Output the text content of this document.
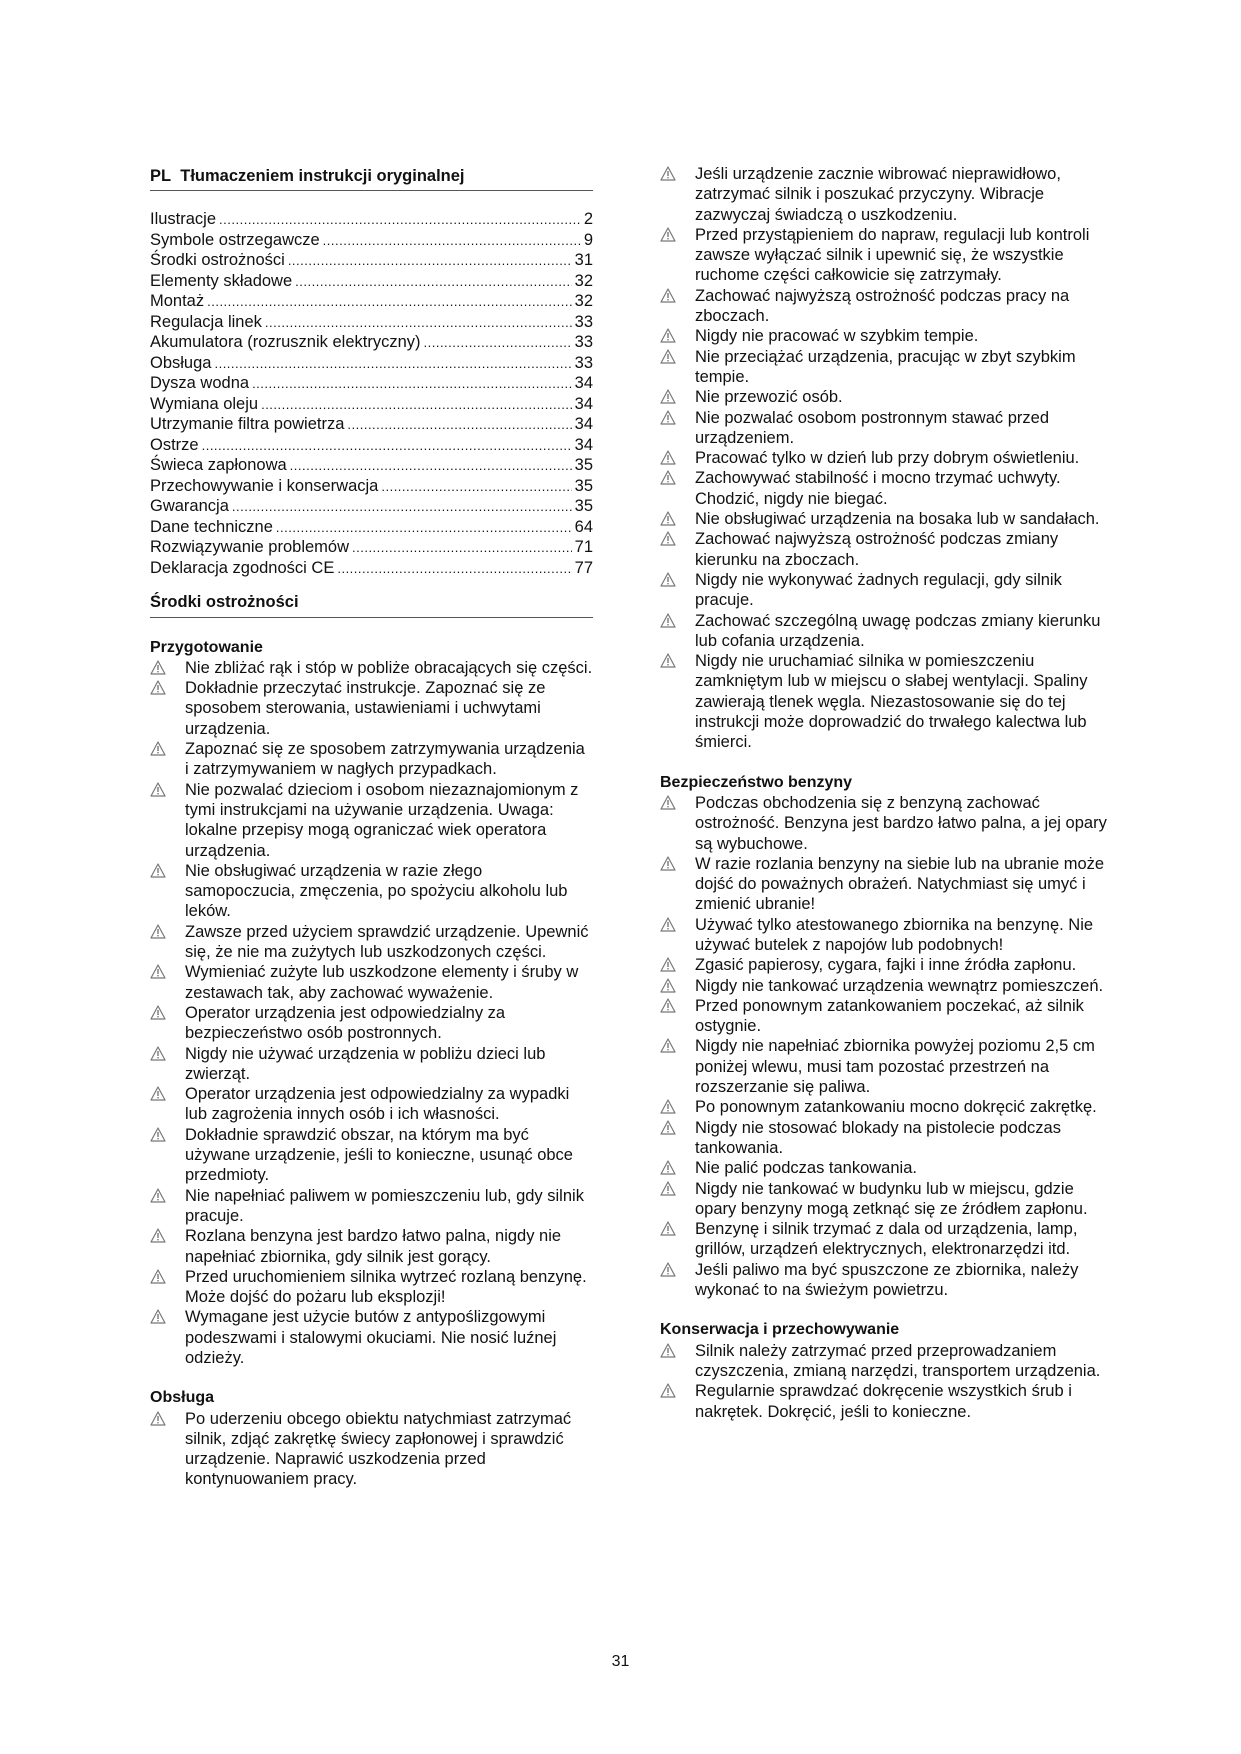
PL Tłumaczeniem instrukcji oryginalnej
Ilustracje .....	2
Symbole ostrzegawcze .....	9
Środki ostrożności .....	31
Elementy składowe .....	32
Montaż .....	32
Regulacja linek .....	33
Akumulatora (rozrusznik elektryczny) .....	33
Obsługa .....	33
Dysza wodna .....	34
Wymiana oleju .....	34
Utrzymanie filtra powietrza .....	34
Ostrze .....	34
Świeca zapłonowa .....	35
Przechowywanie i konserwacja .....	35
Gwarancja .....	35
Dane techniczne .....	64
Rozwiązywanie problemów .....	71
Deklaracja zgodności CE .....	77
Środki ostrożności
Przygotowanie
Nie zbliżać rąk i stóp w pobliże obracających się części.
Dokładnie przeczytać instrukcje. Zapoznać się ze sposobem sterowania, ustawieniami i uchwytami urządzenia.
Zapoznać się ze sposobem zatrzymywania urządzenia i zatrzymywaniem w nagłych przypadkach.
Nie pozwalać dzieciom i osobom niezaznajomionym z tymi instrukcjami na używanie urządzenia. Uwaga: lokalne przepisy mogą ograniczać wiek operatora urządzenia.
Nie obsługiwać urządzenia w razie złego samopoczucia, zmęczenia, po spożyciu alkoholu lub leków.
Zawsze przed użyciem sprawdzić urządzenie. Upewnić się, że nie ma zużytych lub uszkodzonych części.
Wymieniać zużyte lub uszkodzone elementy i śruby w zestawach tak, aby zachować wyważenie.
Operator urządzenia jest odpowiedzialny za bezpieczeństwo osób postronnych.
Nigdy nie używać urządzenia w pobliżu dzieci lub zwierząt.
Operator urządzenia jest odpowiedzialny za wypadki lub zagrożenia innych osób i ich własności.
Dokładnie sprawdzić obszar, na którym ma być używane urządzenie, jeśli to konieczne, usunąć obce przedmioty.
Nie napełniać paliwem w pomieszczeniu lub, gdy silnik pracuje.
Rozlana benzyna jest bardzo łatwo palna, nigdy nie napełniać zbiornika, gdy silnik jest gorący.
Przed uruchomieniem silnika wytrzeć rozlaną benzynę. Może dojść do pożaru lub eksplozji!
Wymagane jest użycie butów z antypoślizgowymi podeszwami i stalowymi okuciami. Nie nosić luźnej odzieży.
Obsługa
Po uderzeniu obcego obiektu natychmiast zatrzymać silnik, zdjąć zakrętkę świecy zapłonowej i sprawdzić urządzenie. Naprawić uszkodzenia przed kontynuowaniem pracy.
Jeśli urządzenie zacznie wibrować nieprawidłowo, zatrzymać silnik i poszukać przyczyny. Wibracje zazwyczaj świadczą o uszkodzeniu.
Przed przystąpieniem do napraw, regulacji lub kontroli zawsze wyłączać silnik i upewnić się, że wszystkie ruchome części całkowicie się zatrzymały.
Zachować najwyższą ostrożność podczas pracy na zboczach.
Nigdy nie pracować w szybkim tempie.
Nie przeciążać urządzenia, pracując w zbyt szybkim tempie.
Nie przewozić osób.
Nie pozwalać osobom postronnym stawać przed urządzeniem.
Pracować tylko w dzień lub przy dobrym oświetleniu.
Zachowywać stabilność i mocno trzymać uchwyty. Chodzić, nigdy nie biegać.
Nie obsługiwać urządzenia na bosaka lub w sandałach.
Zachować najwyższą ostrożność podczas zmiany kierunku na zboczach.
Nigdy nie wykonywać żadnych regulacji, gdy silnik pracuje.
Zachować szczególną uwagę podczas zmiany kierunku lub cofania urządzenia.
Nigdy nie uruchamiać silnika w pomieszczeniu zamkniętym lub w miejscu o słabej wentylacji. Spaliny zawierają tlenek węgla. Niezastosowanie się do tej instrukcji może doprowadzić do trwałego kalectwa lub śmierci.
Bezpieczeństwo benzyny
Podczas obchodzenia się z benzyną zachować ostrożność. Benzyna jest bardzo łatwo palna, a jej opary są wybuchowe.
W razie rozlania benzyny na siebie lub na ubranie może dojść do poważnych obrażeń. Natychmiast się umyć i zmienić ubranie!
Używać tylko atestowanego zbiornika na benzynę. Nie używać butelek z napojów lub podobnych!
Zgasić papierosy, cygara, fajki i inne źródła zapłonu.
Nigdy nie tankować urządzenia wewnątrz pomieszczeń.
Przed ponownym zatankowaniem poczekać, aż silnik ostygnie.
Nigdy nie napełniać zbiornika powyżej poziomu 2,5 cm poniżej wlewu, musi tam pozostać przestrzeń na rozszerzanie się paliwa.
Po ponownym zatankowaniu mocno dokręcić zakrętkę.
Nigdy nie stosować blokady na pistolecie podczas tankowania.
Nie palić podczas tankowania.
Nigdy nie tankować w budynku lub w miejscu, gdzie opary benzyny mogą zetknąć się ze źródłem zapłonu.
Benzynę i silnik trzymać z dala od urządzenia, lamp, grillów, urządzeń elektrycznych, elektronarzędzi itd.
Jeśli paliwo ma być spuszczone ze zbiornika, należy wykonać to na świeżym powietrzu.
Konserwacja i przechowywanie
Silnik należy zatrzymać przed przeprowadzaniem czyszczenia, zmianą narzędzi, transportem urządzenia.
Regularnie sprawdzać dokręcenie wszystkich śrub i nakrętek. Dokręcić, jeśli to konieczne.
31
